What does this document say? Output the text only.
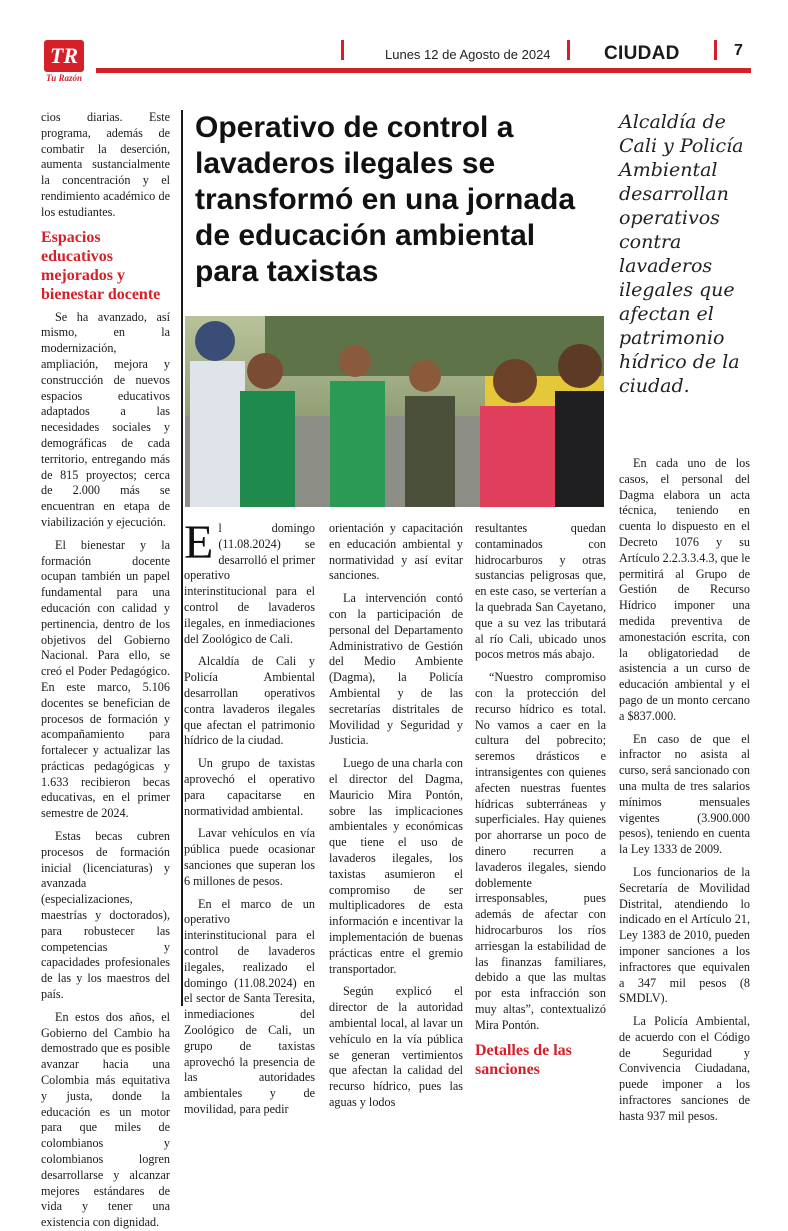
TR
Tu Razón
Lunes 12 de Agosto de 2024	CIUDAD	7

cios diarias. Este programa, además de combatir la deserción, aumenta sustancialmente la concentración y el rendimiento académico de los estudiantes.

Espacios educativos mejorados y bienestar docente

Se ha avanzado, así mismo, en la modernización, ampliación, mejora y construcción de nuevos espacios educativos adaptados a las necesidades sociales y demográficas de cada territorio, entregando más de 815 proyectos; cerca de 2.000 más se encuentran en etapa de viabilización y ejecución.

El bienestar y la formación docente ocupan también un papel fundamental para una educación con calidad y pertinencia, dentro de los objetivos del Gobierno Nacional. Para ello, se creó el Poder Pedagógico. En este marco, 5.106 docentes se benefician de procesos de formación y acompañamiento para fortalecer y actualizar las prácticas pedagógicas y 1.633 recibieron becas educativas, en el primer semestre de 2024.

Estas becas cubren procesos de formación inicial (licenciaturas) y avanzada (especializaciones, maestrías y doctorados), para robustecer las competencias y capacidades profesionales de las y los maestros del país.

En estos dos años, el Gobierno del Cambio ha demostrado que es posible avanzar hacia una Colombia más equitativa y justa, donde la educación es un motor para que miles de colombianos y colombianos logren desarrollarse y alcanzar mejores estándares de vida y tener una existencia con dignidad.

Operativo de control a lavaderos ilegales se transformó en una jornada de educación ambiental para taxistas

Alcaldía de Cali y Policía Ambiental desarrollan operativos contra lavaderos ilegales que afectan el patrimonio hídrico de la ciudad.

El domingo (11.08.2024) se desarrolló el primer operativo interinstitucional para el control de lavaderos ilegales, en inmediaciones del Zoológico de Cali.

Alcaldía de Cali y Policía Ambiental desarrollan operativos contra lavaderos ilegales que afectan el patrimonio hídrico de la ciudad.

Un grupo de taxistas aprovechó el operativo para capacitarse en normatividad ambiental.

Lavar vehículos en vía pública puede ocasionar sanciones que superan los 6 millones de pesos.

En el marco de un operativo interinstitucional para el control de lavaderos ilegales, realizado el domingo (11.08.2024) en el sector de Santa Teresita, inmediaciones del Zoológico de Cali, un grupo de taxistas aprovechó la presencia de las autoridades ambientales y de movilidad, para pedir

orientación y capacitación en educación ambiental y normatividad y así evitar sanciones.

La intervención contó con la participación de personal del Departamento Administrativo de Gestión del Medio Ambiente (Dagma), la Policía Ambiental y de las secretarías distritales de Movilidad y Seguridad y Justicia.

Luego de una charla con el director del Dagma, Mauricio Mira Pontón, sobre las implicaciones ambientales y económicas que tiene el uso de lavaderos ilegales, los taxistas asumieron el compromiso de ser multiplicadores de esta información e incentivar la implementación de buenas prácticas entre el gremio transportador.

Según explicó el director de la autoridad ambiental local, al lavar un vehículo en la vía pública se generan vertimientos que afectan la calidad del recurso hídrico, pues las aguas y lodos

resultantes quedan contaminados con hidrocarburos y otras sustancias peligrosas que, en este caso, se verterían a la quebrada San Cayetano, que a su vez las tributará al río Cali, ubicado unos pocos metros más abajo.

“Nuestro compromiso con la protección del recurso hídrico es total. No vamos a caer en la cultura del pobrecito; seremos drásticos e intransigentes con quienes afecten nuestras fuentes hídricas subterráneas y superficiales. Hay quienes por ahorrarse un poco de dinero recurren a lavaderos ilegales, siendo doblemente irresponsables, pues además de afectar con hidrocarburos los ríos arriesgan la estabilidad de las finanzas familiares, debido a que las multas por esta infracción son muy altas”, contextualizó Mira Pontón.

Detalles de las sanciones

En cada uno de los casos, el personal del Dagma elabora un acta técnica, teniendo en cuenta lo dispuesto en el Decreto 1076 y su Artículo 2.2.3.3.4.3, que le permitirá al Grupo de Gestión de Recurso Hídrico imponer una medida preventiva de amonestación escrita, con la obligatoriedad de asistencia a un curso de educación ambiental y el pago de un monto cercano a $837.000.

En caso de que el infractor no asista al curso, será sancionado con una multa de tres salarios mínimos mensuales vigentes (3.900.000 pesos), teniendo en cuenta la Ley 1333 de 2009.

Los funcionarios de la Secretaría de Movilidad Distrital, atendiendo lo indicado en el Artículo 21, Ley 1383 de 2010, pueden imponer sanciones a los infractores que equivalen a 347 mil pesos (8 SMDLV).

La Policía Ambiental, de acuerdo con el Código de Seguridad y Convivencia Ciudadana, puede imponer a los infractores sanciones de hasta 937 mil pesos.
